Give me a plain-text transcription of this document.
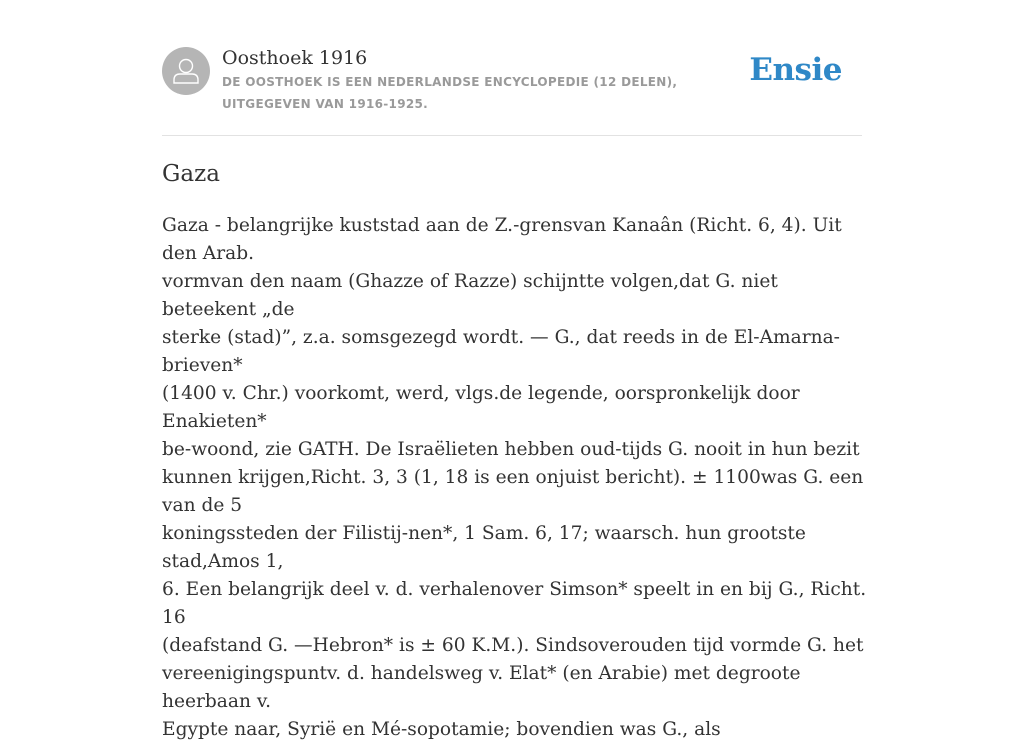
Oosthoek 1916
DE OOSTHOEK IS EEN NEDERLANDSE ENCYCLOPEDIE (12 DELEN), UITGEGEVEN VAN 1916-1925.
Ensie
Gaza
Gaza - belangrijke kuststad aan de Z.-grensvan Kanaân (Richt. 6, 4). Uit den Arab.
vormvan den naam (Ghazze of Razze) schijntte volgen,dat G. niet beteekent „de
sterke (stad)”, z.a. somsgezegd wordt. — G., dat reeds in de El-Amarna-brieven*
(1400 v. Chr.) voorkomt, werd, vlgs.de legende, oorspronkelijk door Enakieten*
be-woond, zie GATH. De Israëlieten hebben oud-tijds G. nooit in hun bezit
kunnen krijgen,Richt. 3, 3 (1, 18 is een onjuist bericht). ± 1100was G. een van de 5
koningssteden der Filistij-nen*, 1 Sam. 6, 17; waarsch. hun grootste stad,Amos 1,
6. Een belangrijk deel v. d. verhalenover Simson* speelt in en bij G., Richt. 16
(deafstand G. —Hebron* is ± 60 K.M.). Sindsoverouden tijd vormde G. het
vereenigingspuntv. d. handelsweg v. Elat* (en Arabie) met degroote heerbaan v.
Egypte naar, Syrië en Mé-sopotamie; bovendien was G., als
